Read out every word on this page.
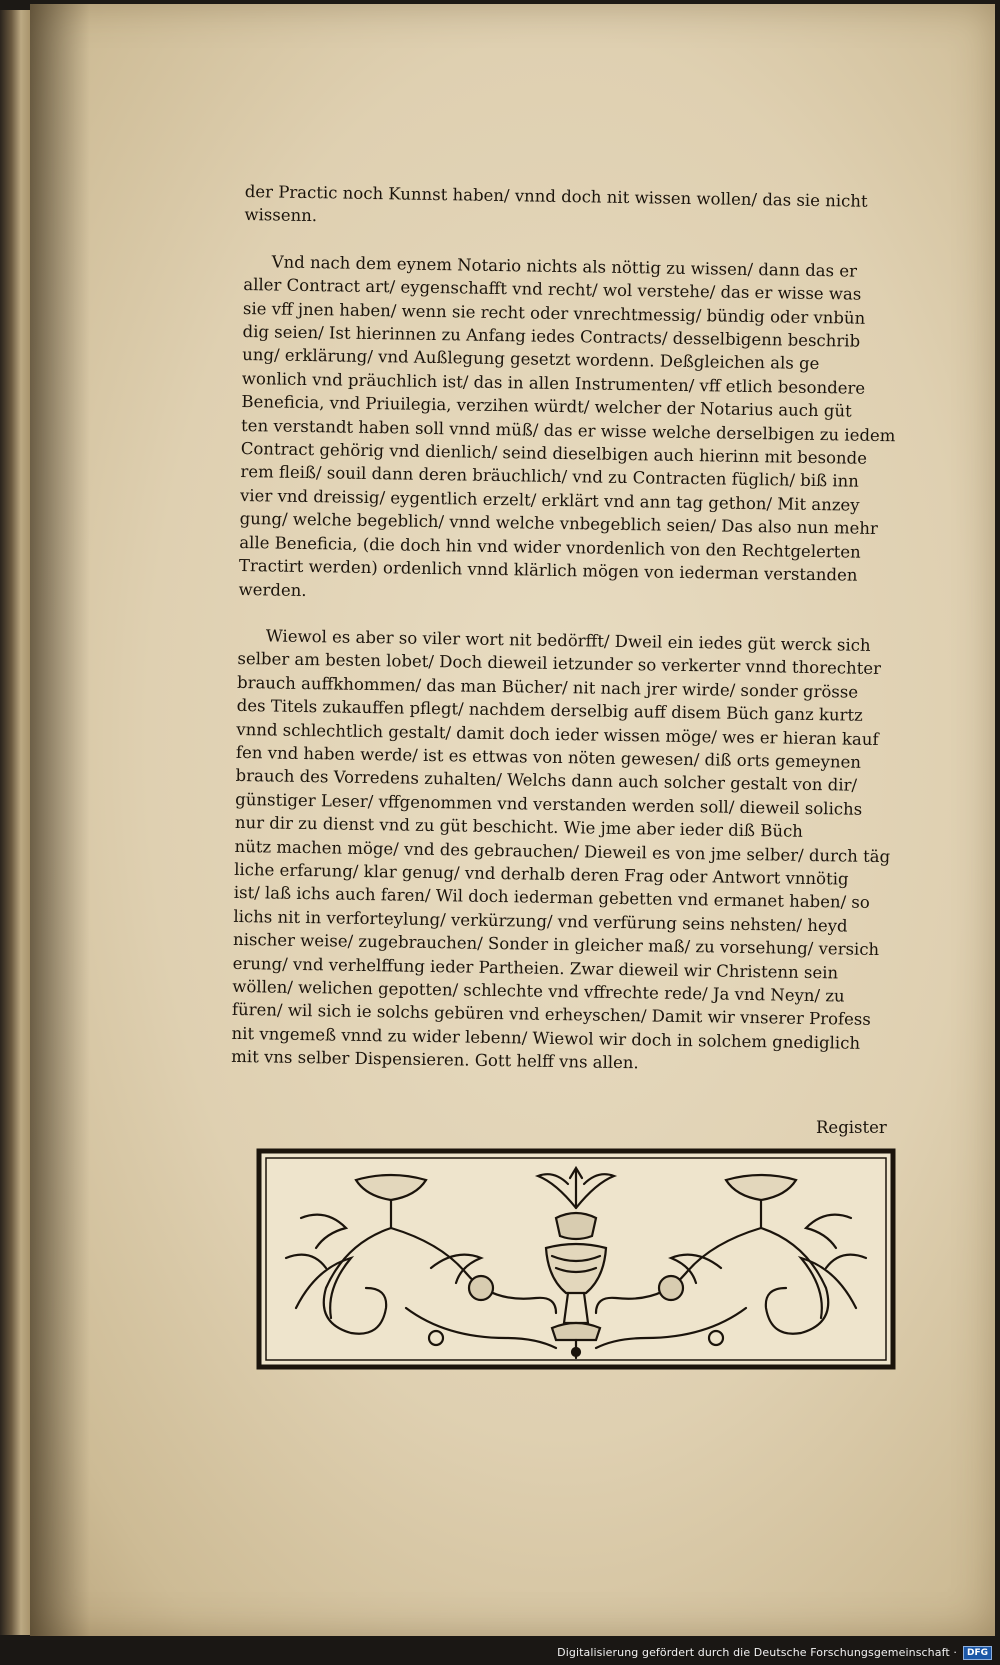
der Practic noch Kunnst haben/ vnnd doch nit wissen wollen/ das sie nicht
wissenn.

Vnd nach dem eynem Notario nichts als nöttig zu wissen/ dann das er
aller Contract art/ eygenschafft vnd recht/ wol verstehe/ das er wisse was
sie vff jnen haben/ wenn sie recht oder vnrechtmessig/ bündig oder vnbün
dig seien/ Ist hierinnen zu Anfang iedes Contracts/ desselbigenn beschrib
ung/ erklärung/ vnd Außlegung gesetzt wordenn. Deßgleichen als ge
wonlich vnd präuchlich ist/ das in allen Instrumenten/ vff etlich besondere
Beneficia, vnd Priuilegia, verzihen würdt/ welcher der Notarius auch güt
ten verstandt haben soll vnnd müß/ das er wisse welche derselbigen zu iedem
Contract gehörig vnd dienlich/ seind dieselbigen auch hierinn mit besonde
rem fleiß/ souil dann deren bräuchlich/ vnd zu Contracten füglich/ biß inn
vier vnd dreissig/ eygentlich erzelt/ erklärt vnd ann tag gethon/ Mit anzey
gung/ welche begeblich/ vnnd welche vnbegeblich seien/ Das also nun mehr
alle Beneficia, (die doch hin vnd wider vnordenlich von den Rechtgelerten
Tractirt werden) ordenlich vnnd klärlich mögen von iederman verstanden
werden.

Wiewol es aber so viler wort nit bedörfft/ Dweil ein iedes güt werck sich
selber am besten lobet/ Doch dieweil ietzunder so verkerter vnnd thorechter
brauch auffkhommen/ das man Bücher/ nit nach jrer wirde/ sonder grösse
des Titels zukauffen pflegt/ nachdem derselbig auff disem Büch ganz kurtz
vnnd schlechtlich gestalt/ damit doch ieder wissen möge/ wes er hieran kauf
fen vnd haben werde/ ist es ettwas von nöten gewesen/ diß orts gemeynen
brauch des Vorredens zuhalten/ Welchs dann auch solcher gestalt von dir/
günstiger Leser/ vffgenommen vnd verstanden werden soll/ dieweil solichs
nur dir zu dienst vnd zu güt beschicht. Wie jme aber ieder diß Büch
nütz machen möge/ vnd des gebrauchen/ Dieweil es von jme selber/ durch täg
liche erfarung/ klar genug/ vnd derhalb deren Frag oder Antwort vnnötig
ist/ laß ichs auch faren/ Wil doch iederman gebetten vnd ermanet haben/ so
lichs nit in verforteylung/ verkürzung/ vnd verfürung seins nehsten/ heyd
nischer weise/ zugebrauchen/ Sonder in gleicher maß/ zu vorsehung/ versich
erung/ vnd verhelffung ieder Partheien. Zwar dieweil wir Christenn sein
wöllen/ welichen gepotten/ schlechte vnd vffrechte rede/ Ja vnd Neyn/ zu
füren/ wil sich ie solchs gebüren vnd erheyschen/ Damit wir vnserer Profess
nit vngemeß vnnd zu wider lebenn/ Wiewol wir doch in solchem gnediglich
mit vns selber Dispensieren. Gott helff vns allen.

Register
Digitalisierung gefördert durch die Deutsche Forschungsgemeinschaft ·	DFG
